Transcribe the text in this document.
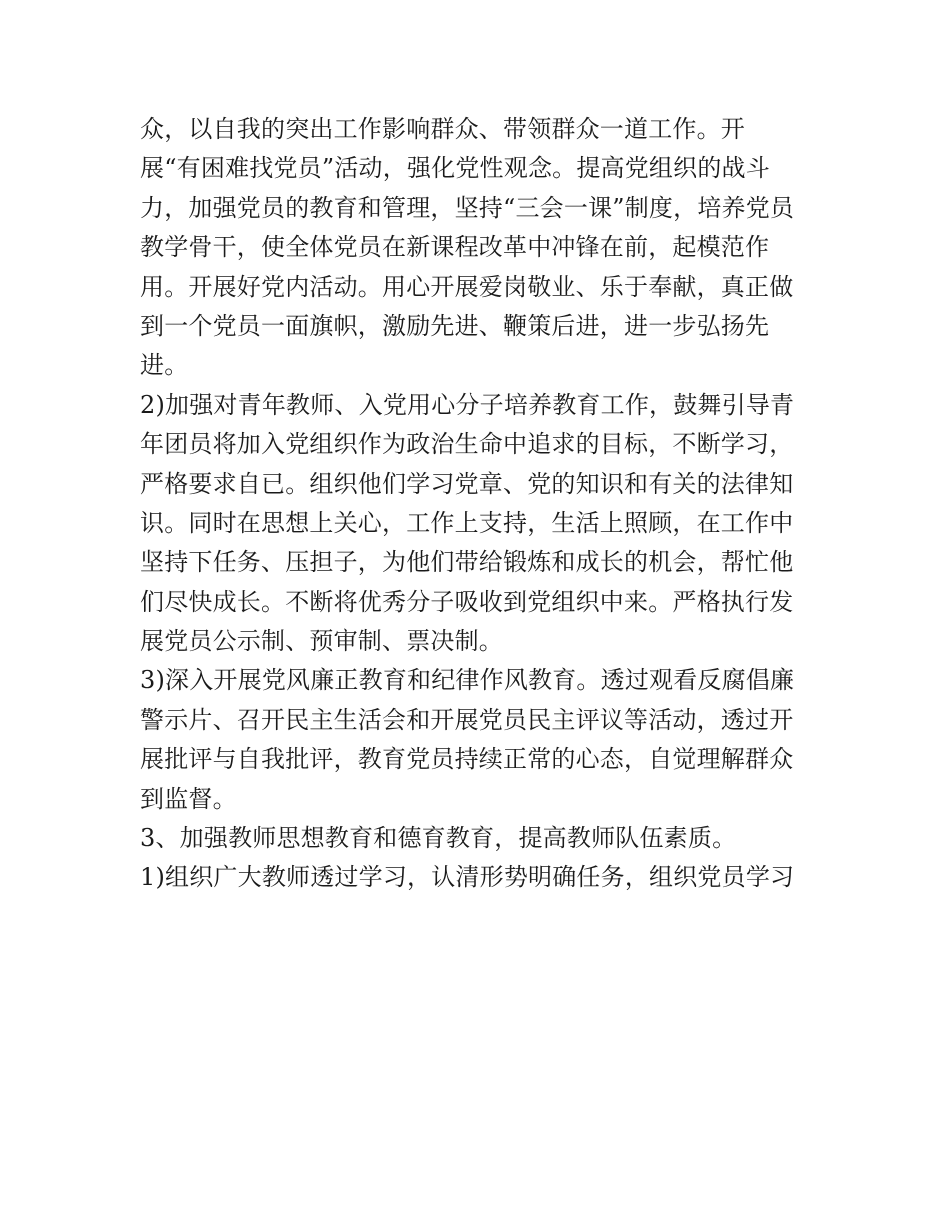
众，以自我的突出工作影响群众、带领群众一道工作。开
展“有困难找党员”活动，强化党性观念。提高党组织的战斗
力，加强党员的教育和管理，坚持“三会一课”制度，培养党员
教学骨干，使全体党员在新课程改革中冲锋在前，起模范作
用。开展好党内活动。用心开展爱岗敬业、乐于奉献，真正做
到一个党员一面旗帜，激励先进、鞭策后进，进一步弘扬先
进。
2)加强对青年教师、入党用心分子培养教育工作，鼓舞引导青
年团员将加入党组织作为政治生命中追求的目标，不断学习，
严格要求自已。组织他们学习党章、党的知识和有关的法律知
识。同时在思想上关心，工作上支持，生活上照顾，在工作中
坚持下任务、压担子，为他们带给锻炼和成长的机会，帮忙他
们尽快成长。不断将优秀分子吸收到党组织中来。严格执行发
展党员公示制、预审制、票决制。
3)深入开展党风廉正教育和纪律作风教育。透过观看反腐倡廉
警示片、召开民主生活会和开展党员民主评议等活动，透过开
展批评与自我批评，教育党员持续正常的心态，自觉理解群众
到监督。
3、加强教师思想教育和德育教育，提高教师队伍素质。
1)组织广大教师透过学习，认清形势明确任务，组织党员学习
